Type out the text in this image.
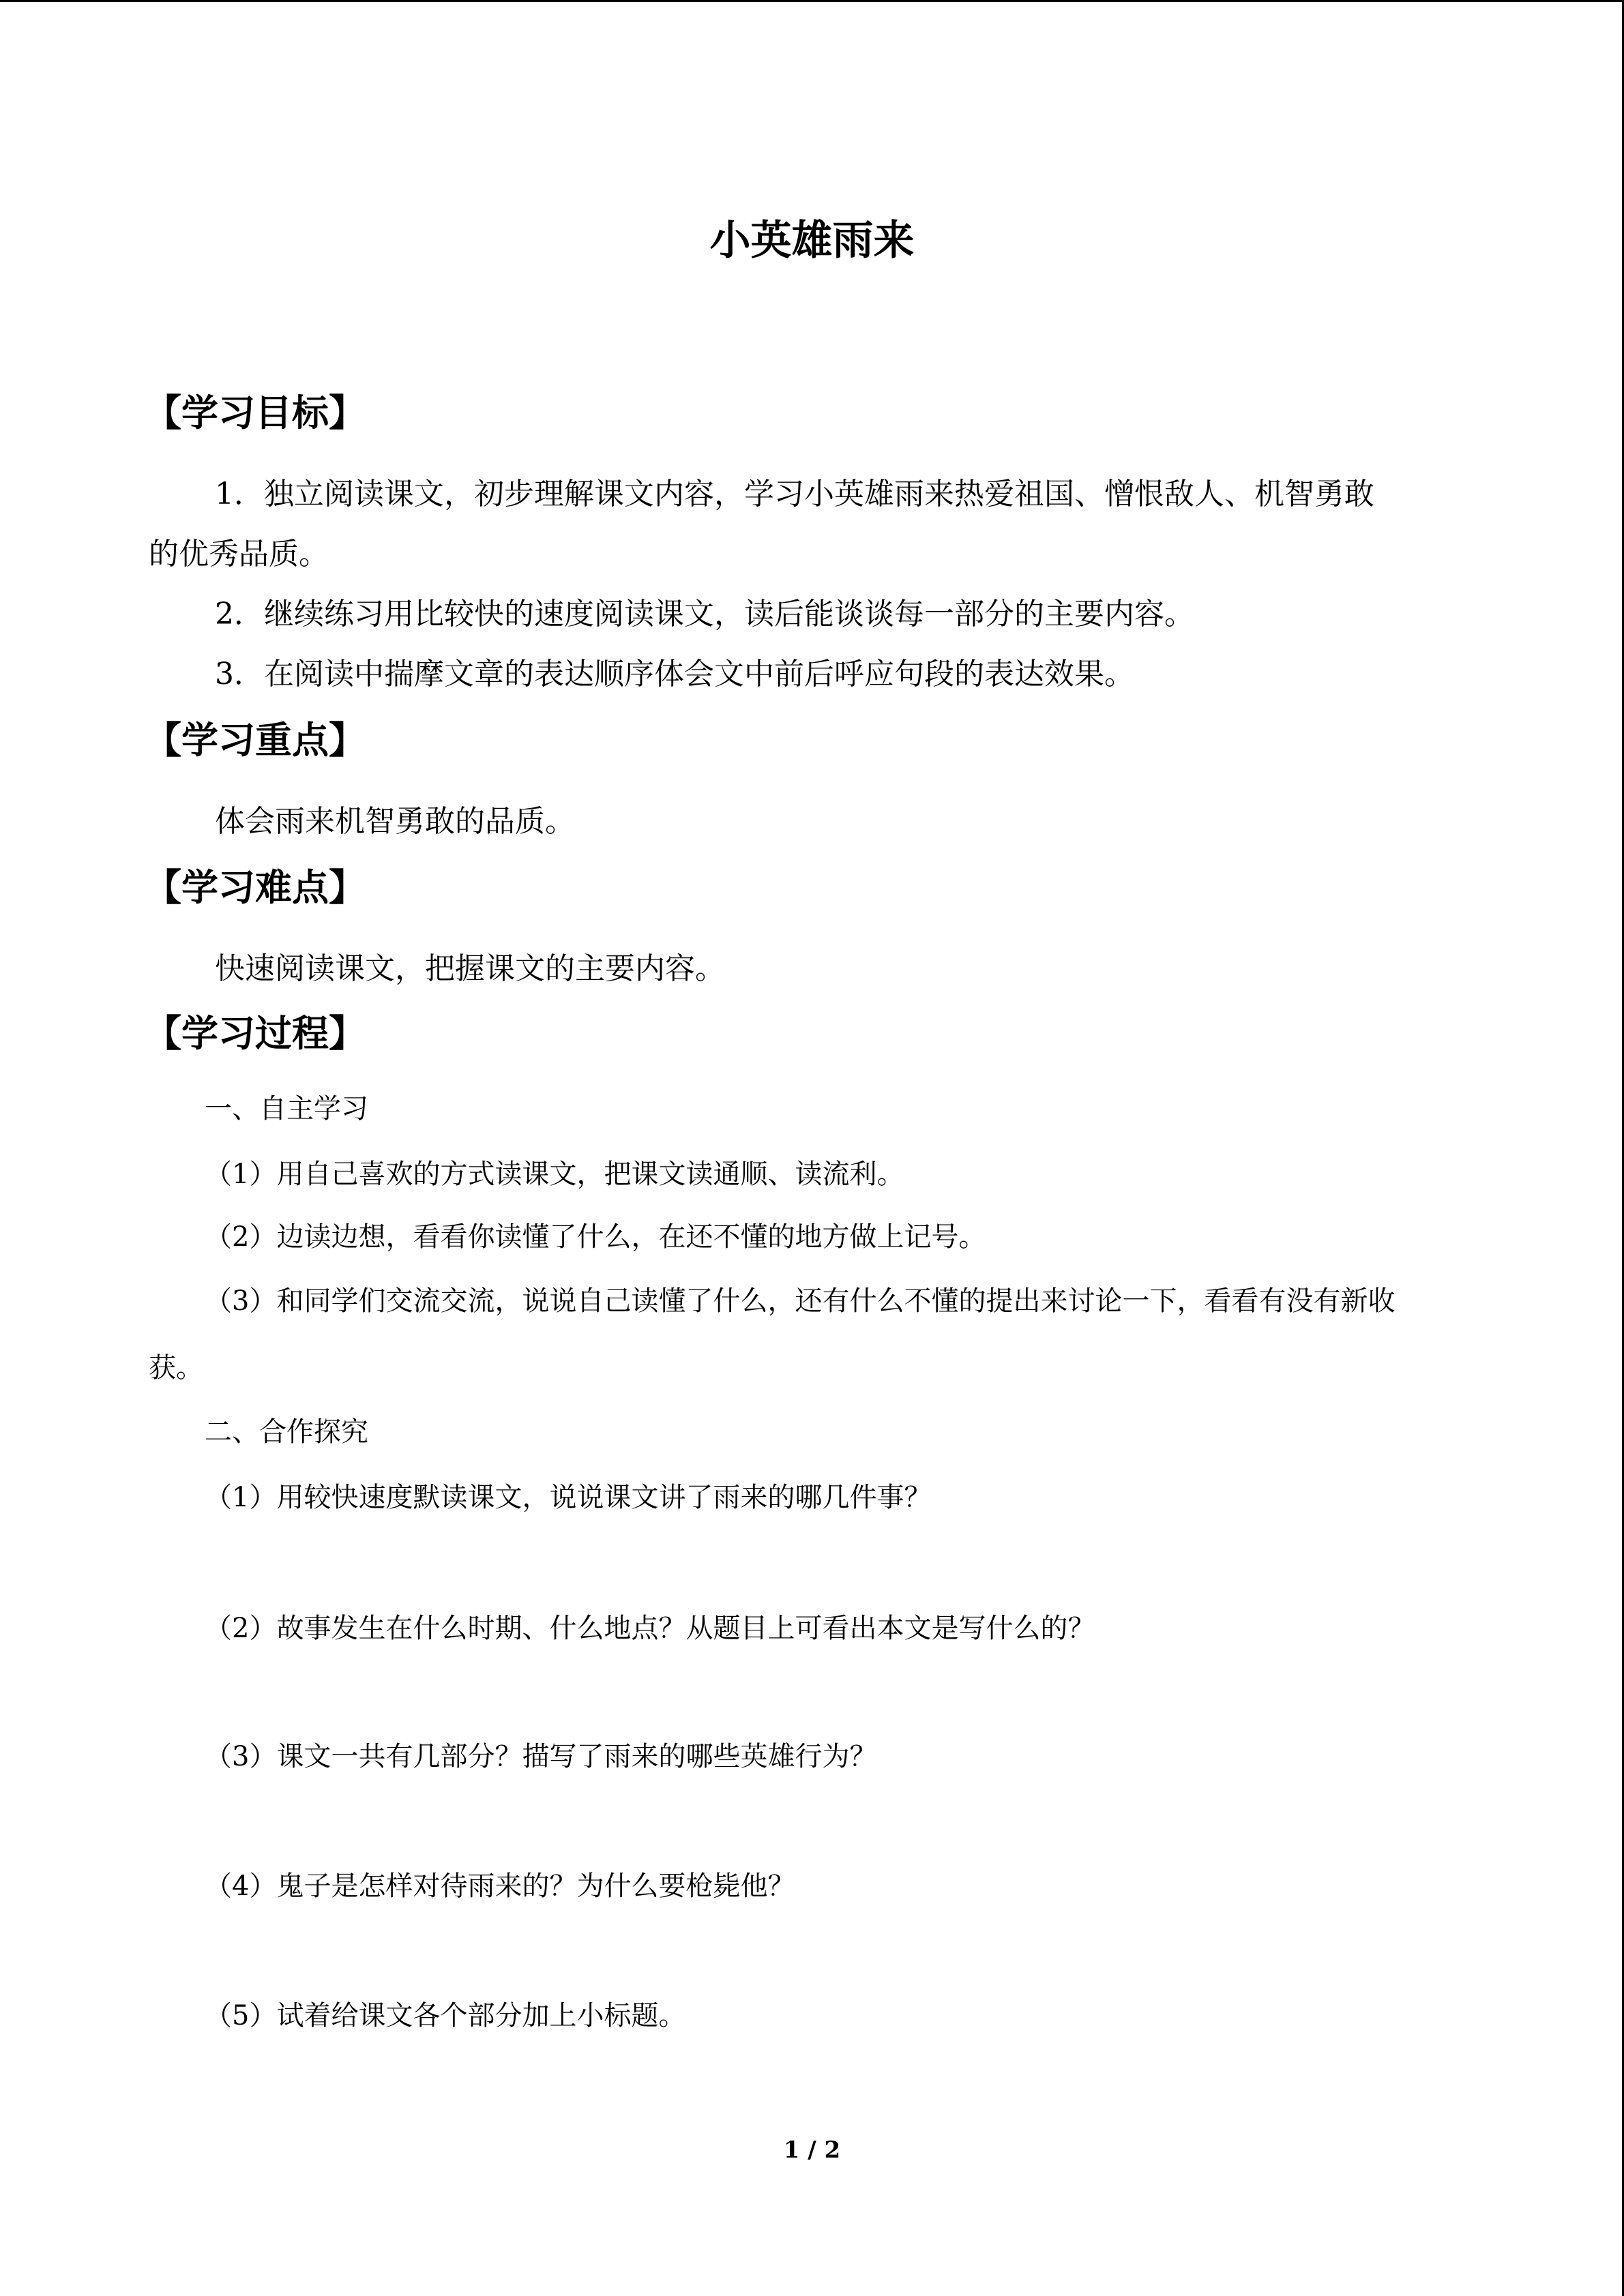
小英雄雨来
【学习目标】
1．独立阅读课文，初步理解课文内容，学习小英雄雨来热爱祖国、憎恨敌人、机智勇敢
的优秀品质。
2．继续练习用比较快的速度阅读课文，读后能谈谈每一部分的主要内容。
3．在阅读中揣摩文章的表达顺序体会文中前后呼应句段的表达效果。
【学习重点】
体会雨来机智勇敢的品质。
【学习难点】
快速阅读课文，把握课文的主要内容。
【学习过程】
一、自主学习
（1）用自己喜欢的方式读课文，把课文读通顺、读流利。
（2）边读边想，看看你读懂了什么，在还不懂的地方做上记号。
（3）和同学们交流交流，说说自己读懂了什么，还有什么不懂的提出来讨论一下，看看有没有新收
获。
二、合作探究
（1）用较快速度默读课文，说说课文讲了雨来的哪几件事？
（2）故事发生在什么时期、什么地点？从题目上可看出本文是写什么的？
（3）课文一共有几部分？描写了雨来的哪些英雄行为？
（4）鬼子是怎样对待雨来的？为什么要枪毙他？
（5）试着给课文各个部分加上小标题。
1 / 2
